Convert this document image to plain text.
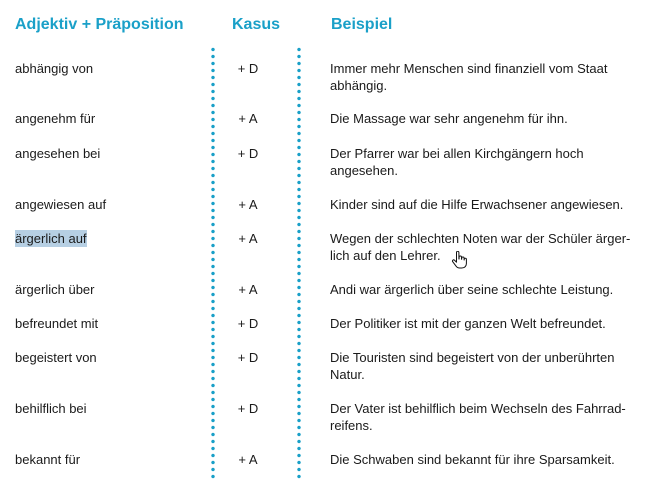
Adjektiv + Präposition	Kasus	Beispiel
abhängig von	+ D	Immer mehr Menschen sind finanziell vom Staat abhängig.
angenehm für	+ A	Die Massage war sehr angenehm für ihn.
angesehen bei	+ D	Der Pfarrer war bei allen Kirchgängern hoch angesehen.
angewiesen auf	+ A	Kinder sind auf die Hilfe Erwachsener angewiesen.
ärgerlich auf	+ A	Wegen der schlechten Noten war der Schüler ärger-lich auf den Lehrer.
ärgerlich über	+ A	Andi war ärgerlich über seine schlechte Leistung.
befreundet mit	+ D	Der Politiker ist mit der ganzen Welt befreundet.
begeistert von	+ D	Die Touristen sind begeistert von der unberührten Natur.
behilflich bei	+ D	Der Vater ist behilflich beim Wechseln des Fahrrad-reifens.
bekannt für	+ A	Die Schwaben sind bekannt für ihre Sparsamkeit.
